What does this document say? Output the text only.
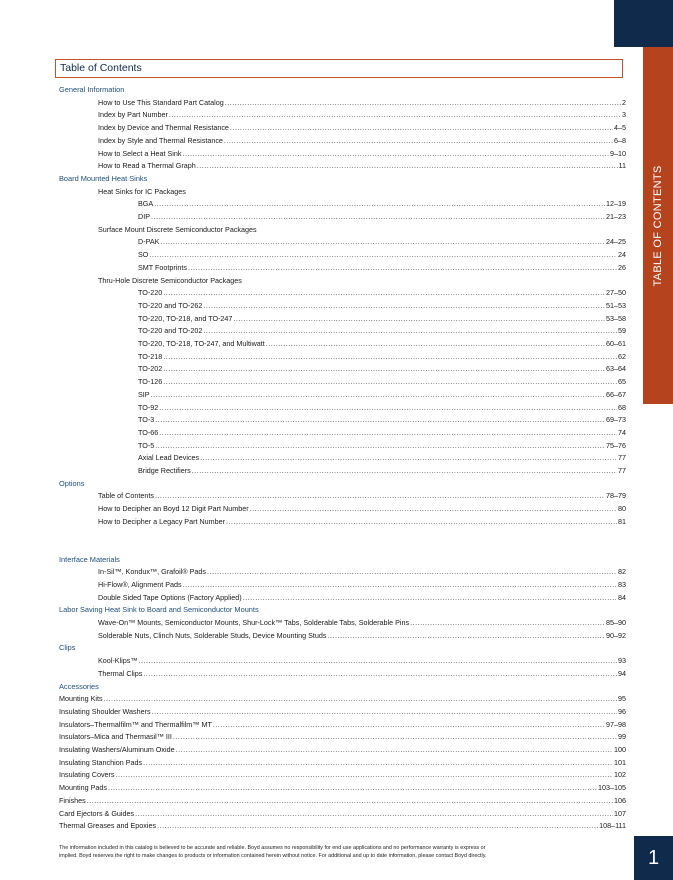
TABLE OF CONTENTS
Table of Contents
General Information
How to Use This Standard Part Catalog .....	2
Index by Part Number .....	3
Index by Device and Thermal Resistance .....	4–5
Index by Style and Thermal Resistance .....	6–8
How to Select a Heat Sink .....	9–10
How to Read a Thermal Graph .....	11
Board Mounted Heat Sinks
Heat Sinks for IC Packages
BGA .....	12–19
DIP .....	21–23
Surface Mount Discrete Semiconductor Packages
D-PAK .....	24–25
SO .....	24
SMT Footprints .....	26
Thru-Hole Discrete Semiconductor Packages
TO-220 .....	27–50
TO-220 and TO-262 .....	51–53
TO-220, TO-218, and TO-247 .....	53–58
TO-220 and TO-202 .....	59
TO-220, TO-218, TO-247, and Multiwatt .....	60–61
TO-218 .....	62
TO-202 .....	63–64
TO-126 .....	65
SIP .....	66–67
TO-92 .....	68
TO-3 .....	69–73
TO-66 .....	74
TO-5 .....	75–76
Axial Lead Devices .....	77
Bridge Rectifiers .....	77
Options
Table of Contents .....	78–79
How to Decipher an Boyd 12 Digit Part Number .....	80
How to Decipher a Legacy Part Number .....	81
Interface Materials
In-Sil™, Kondux™, Grafoil® Pads .....	82
Hi-Flow®, Alignment Pads .....	83
Double Sided Tape Options (Factory Applied) .....	84
Labor Saving Heat Sink to Board and Semiconductor Mounts
Wave-On™ Mounts, Semiconductor Mounts, Shur-Lock™ Tabs, Solderable Tabs, Solderable Pins .....	85–90
Solderable Nuts, Clinch Nuts, Solderable Studs, Device Mounting Studs .....	90–92
Clips
Kool-Klips™ .....	93
Thermal Clips .....	94
Accessories
Mounting Kits .....	95
Insulating Shoulder Washers .....	96
Insulators–Thermalfilm™ and Thermalfilm™ MT .....	97–98
Insulators–Mica and Thermasil™ III .....	99
Insulating Washers/Aluminum Oxide .....	100
Insulating Stanchion Pads .....	101
Insulating Covers .....	102
Mounting Pads .....	103–105
Finishes .....	106
Card Ejectors & Guides .....	107
Thermal Greases and Epoxies .....	108–111
The information included in this catalog is believed to be accurate and reliable. Boyd assumes no responsibility for end use applications and no performance warranty is express or implied. Boyd reserves the right to make changes to products or information contained herein without notice. For additional and up to date information, please contact Boyd directly.	1
